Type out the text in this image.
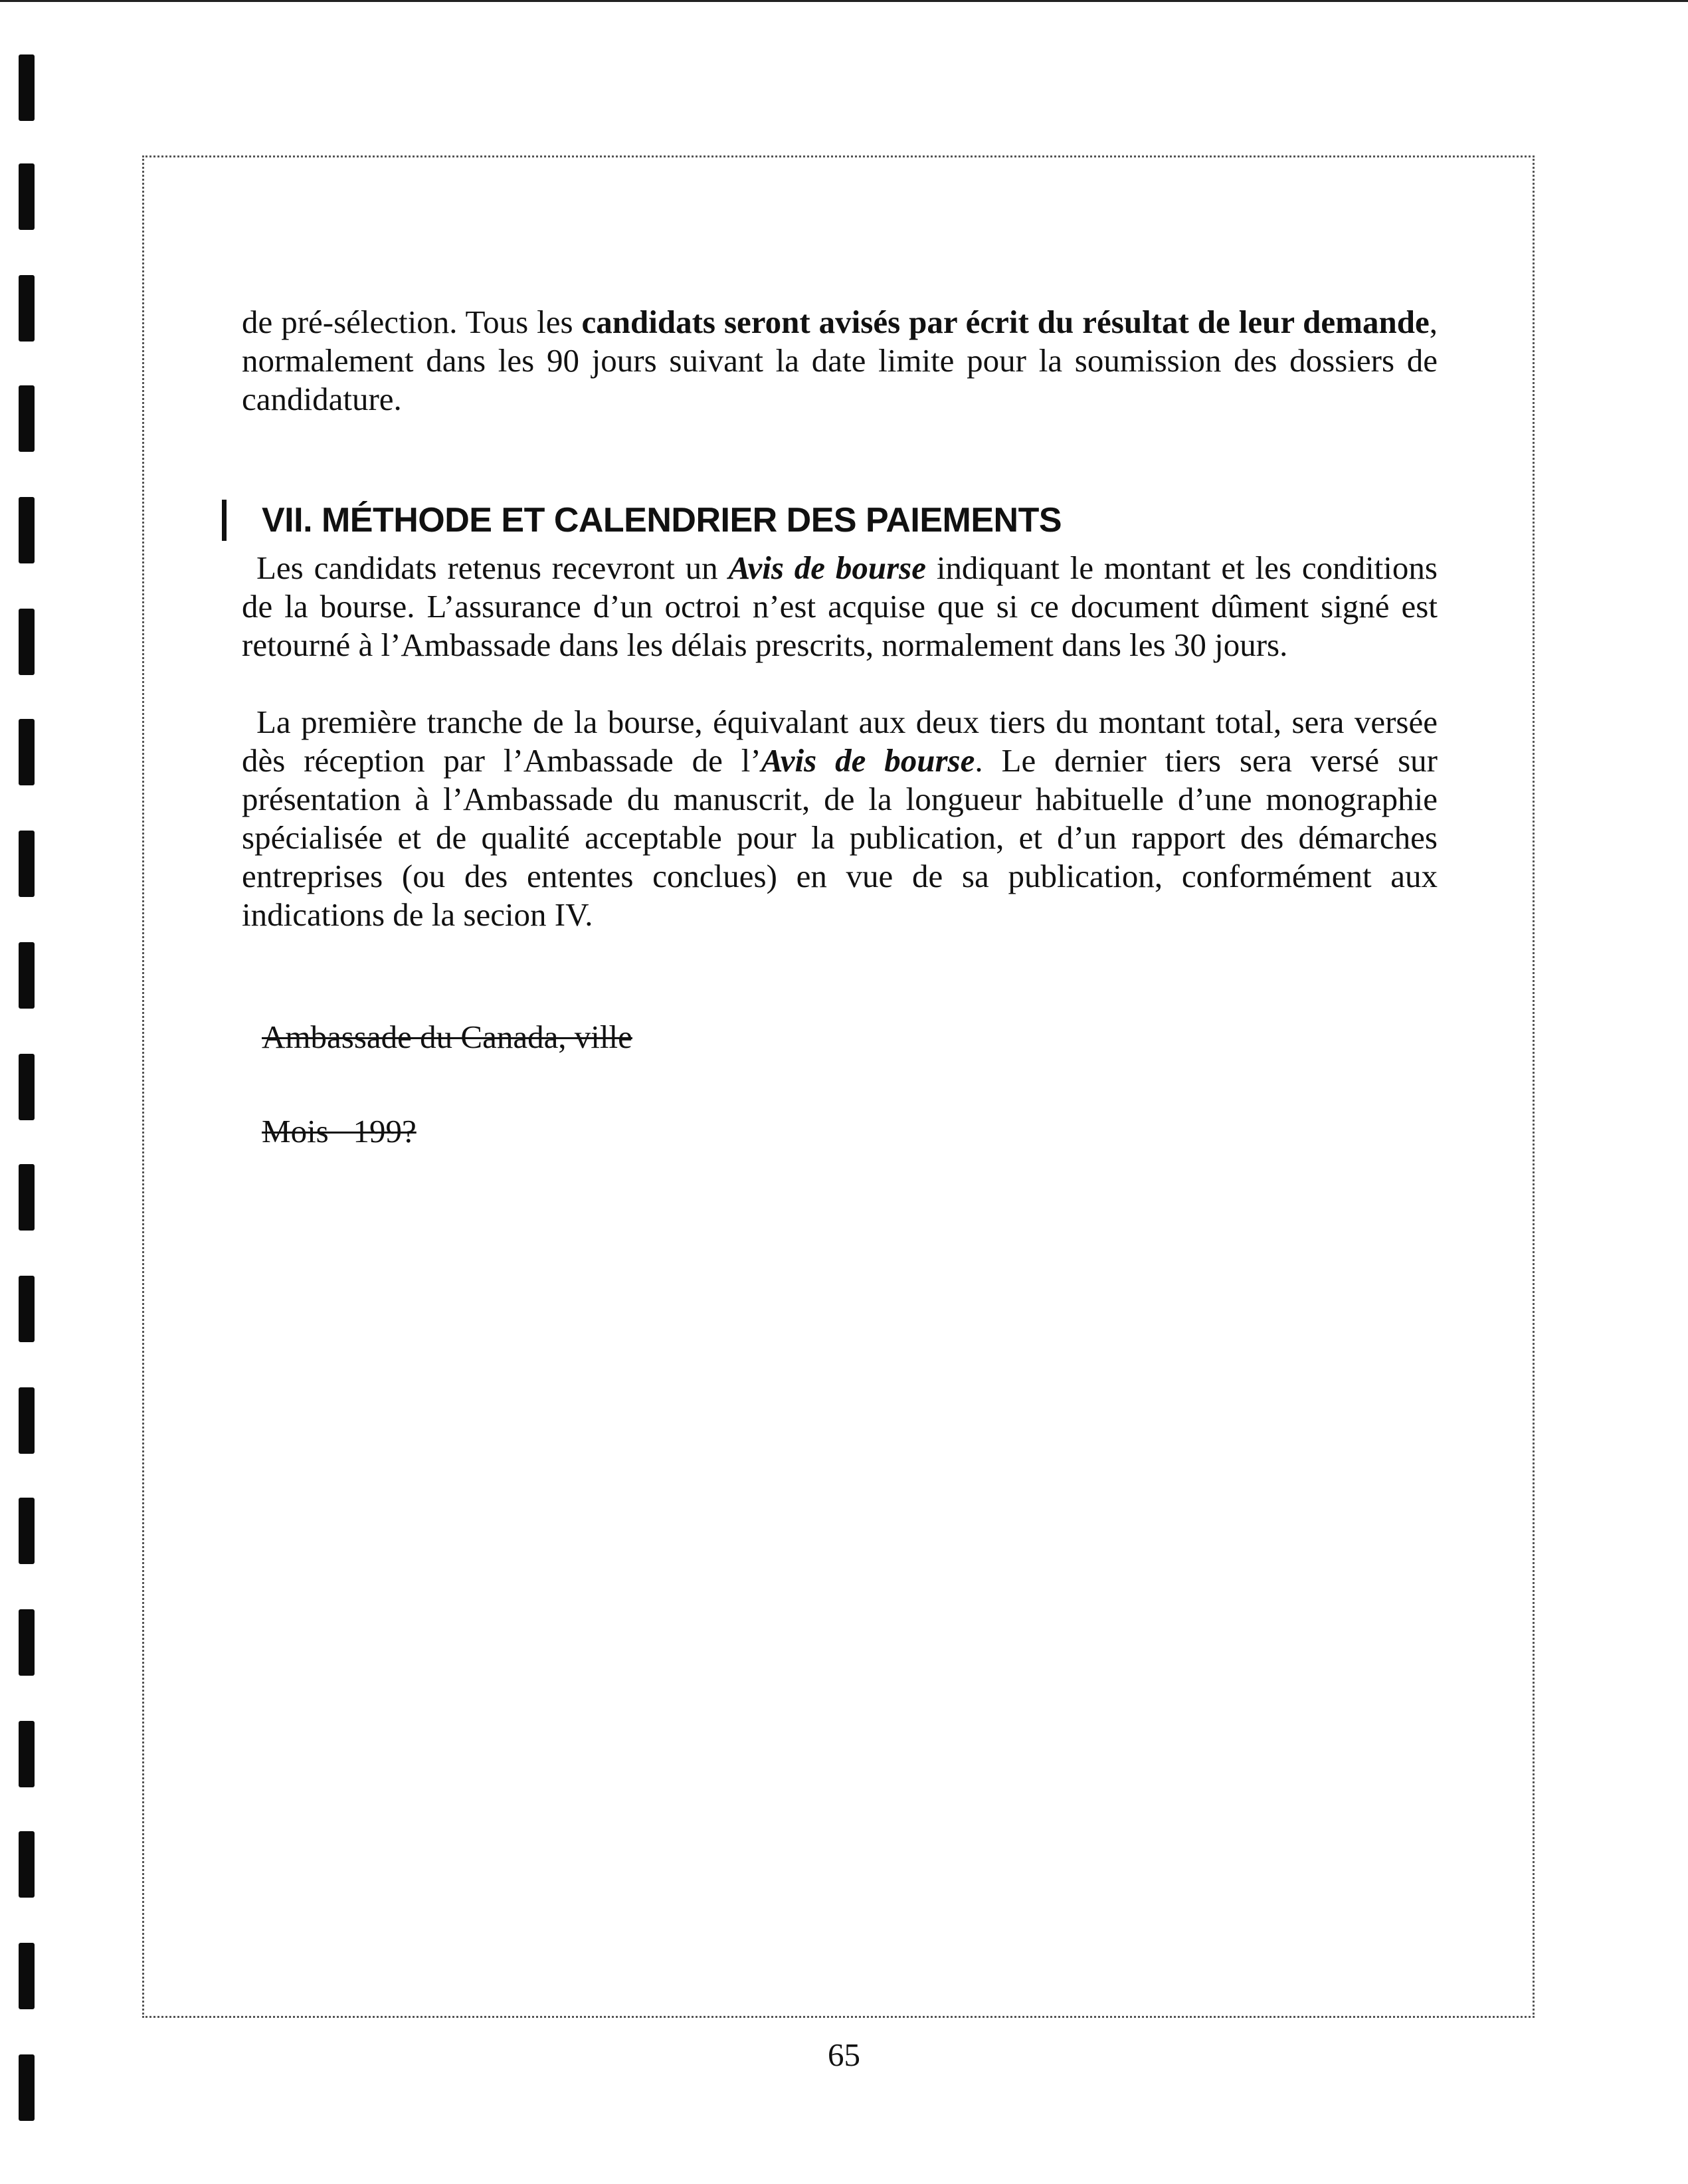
de pré-sélection. Tous les candidats seront avisés par écrit du résultat de leur demande, normalement dans les 90 jours suivant la date limite pour la soumission des dossiers de candidature.

VII. MÉTHODE ET CALENDRIER DES PAIEMENTS

Les candidats retenus recevront un Avis de bourse indiquant le montant et les conditions de la bourse. L’assurance d’un octroi n’est acquise que si ce document dûment signé est retourné à l’Ambassade dans les délais prescrits, normalement dans les 30 jours.

La première tranche de la bourse, équivalant aux deux tiers du montant total, sera versée dès réception par l’Ambassade de l’Avis de bourse. Le dernier tiers sera versé sur présentation à l’Ambassade du manuscrit, de la longueur habituelle d’une monographie spécialisée et de qualité acceptable pour la publication, et d’un rapport des démarches entreprises (ou des ententes conclues) en vue de sa publication, conformément aux indications de la secion IV.

Ambassade du Canada, ville

Mois   199?

65
